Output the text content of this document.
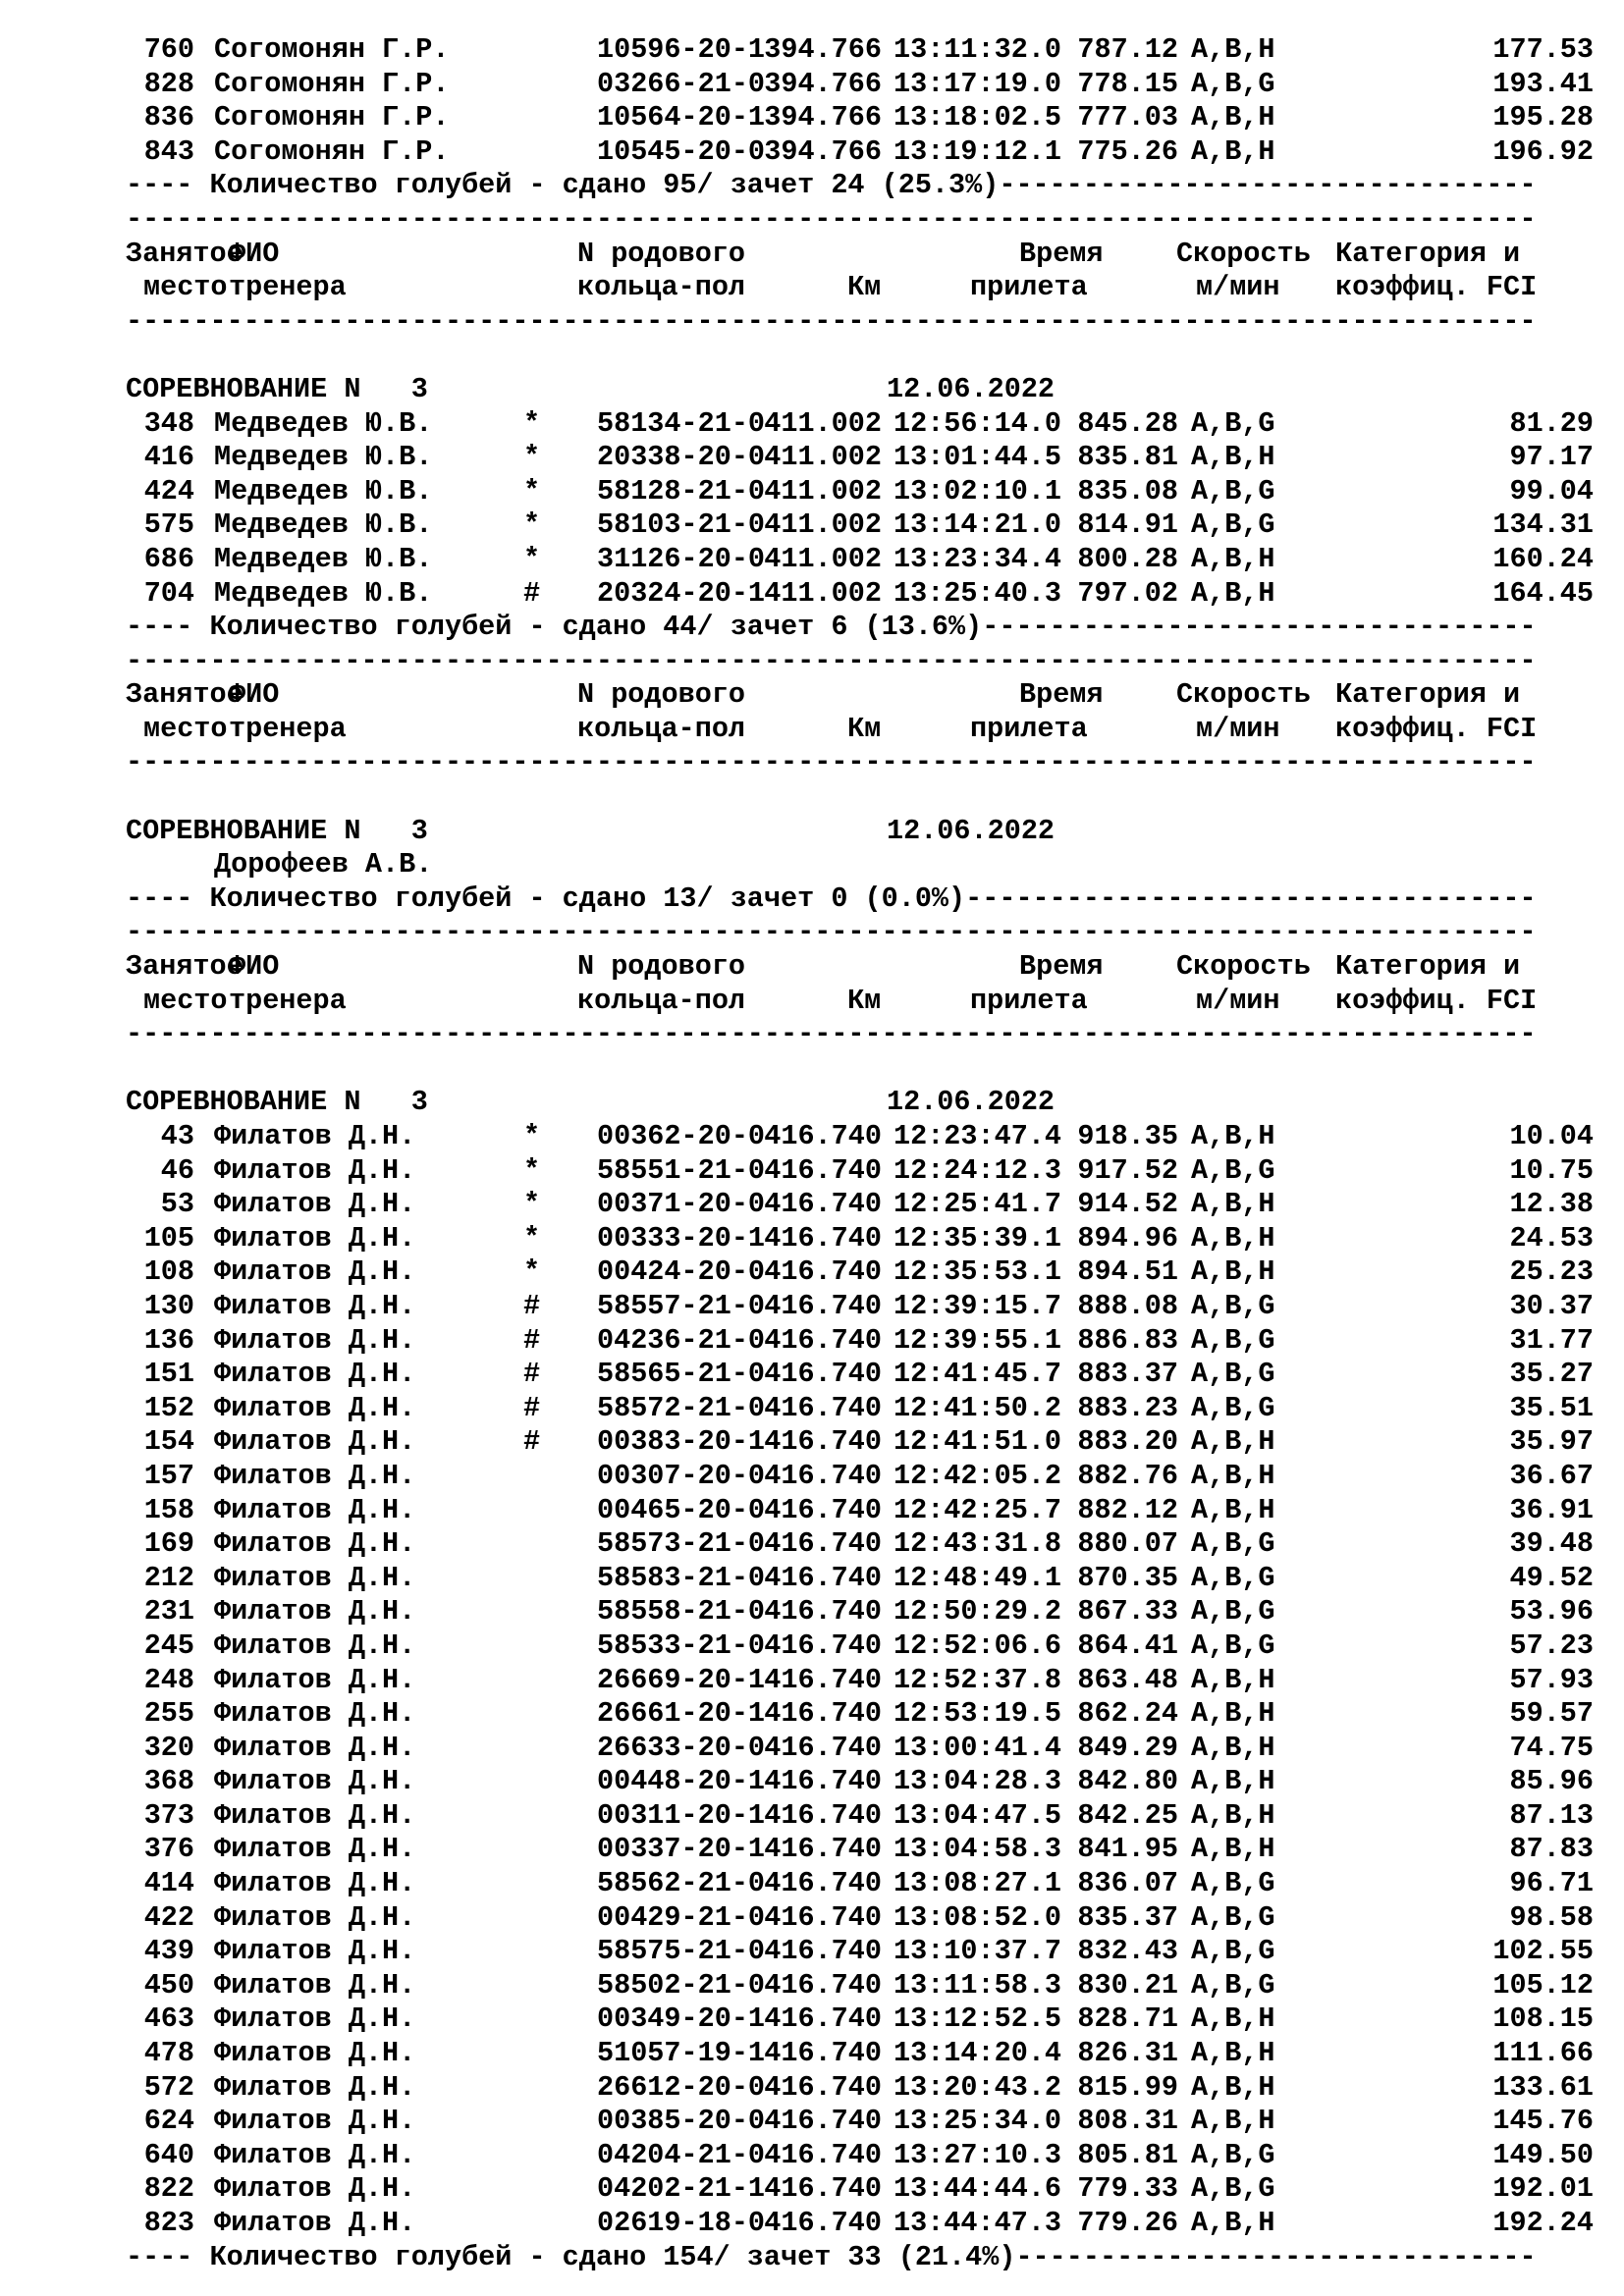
760 Согомонян Г.Р.	10596-20-1 394.766 13:11:32.0 787.12 A,B,H	177.53
828 Согомонян Г.Р.	03266-21-0 394.766 13:17:19.0 778.15 A,B,G	193.41
836 Согомонян Г.Р.	10564-20-1 394.766 13:18:02.5 777.03 A,B,H	195.28
843 Согомонян Г.Р.	10545-20-0 394.766 13:19:12.1 775.26 A,B,H	196.92
---- Количество голубей - сдано 95/ зачет 24 (25.3%)--------------------------------
------------------------------------------------------------------------------------
Занятое
ФИО	N родового	Время	Скорость Категория и
место тренера	кольца-пол	Км	прилета	м/мин коэффиц. FCI
------------------------------------------------------------------------------------
СОРЕВНОВАНИЕ N   3	12.06.2022
348 Медведев Ю.В.	* 58134-21-0 411.002 12:56:14.0 845.28 A,B,G	81.29
416 Медведев Ю.В.	* 20338-20-0 411.002 13:01:44.5 835.81 A,B,H	97.17
424 Медведев Ю.В.	* 58128-21-0 411.002 13:02:10.1 835.08 A,B,G	99.04
575 Медведев Ю.В.	* 58103-21-0 411.002 13:14:21.0 814.91 A,B,G	134.31
686 Медведев Ю.В.	* 31126-20-0 411.002 13:23:34.4 800.28 A,B,H	160.24
704 Медведев Ю.В.	# 20324-20-1 411.002 13:25:40.3 797.02 A,B,H	164.45
---- Количество голубей - сдано 44/ зачет 6 (13.6%)---------------------------------
------------------------------------------------------------------------------------
Занятое
ФИО	N родового	Время	Скорость Категория и
место тренера	кольца-пол	Км	прилета	м/мин коэффиц. FCI
------------------------------------------------------------------------------------
СОРЕВНОВАНИЕ N   3	12.06.2022
Дорофеев А.В.
---- Количество голубей - сдано 13/ зачет 0 (0.0%)----------------------------------
------------------------------------------------------------------------------------
Занятое
ФИО	N родового	Время	Скорость Категория и
место тренера	кольца-пол	Км	прилета	м/мин коэффиц. FCI
------------------------------------------------------------------------------------
СОРЕВНОВАНИЕ N   3	12.06.2022
43 Филатов Д.Н.	* 00362-20-0 416.740 12:23:47.4 918.35 A,B,H	10.04
46 Филатов Д.Н.	* 58551-21-0 416.740 12:24:12.3 917.52 A,B,G	10.75
53 Филатов Д.Н.	* 00371-20-0 416.740 12:25:41.7 914.52 A,B,H	12.38
105 Филатов Д.Н.	* 00333-20-1 416.740 12:35:39.1 894.96 A,B,H	24.53
108 Филатов Д.Н.	* 00424-20-0 416.740 12:35:53.1 894.51 A,B,H	25.23
130 Филатов Д.Н.	# 58557-21-0 416.740 12:39:15.7 888.08 A,B,G	30.37
136 Филатов Д.Н.	# 04236-21-0 416.740 12:39:55.1 886.83 A,B,G	31.77
151 Филатов Д.Н.	# 58565-21-0 416.740 12:41:45.7 883.37 A,B,G	35.27
152 Филатов Д.Н.	# 58572-21-0 416.740 12:41:50.2 883.23 A,B,G	35.51
154 Филатов Д.Н.	# 00383-20-1 416.740 12:41:51.0 883.20 A,B,H	35.97
157 Филатов Д.Н.	00307-20-0 416.740 12:42:05.2 882.76 A,B,H	36.67
158 Филатов Д.Н.	00465-20-0 416.740 12:42:25.7 882.12 A,B,H	36.91
169 Филатов Д.Н.	58573-21-0 416.740 12:43:31.8 880.07 A,B,G	39.48
212 Филатов Д.Н.	58583-21-0 416.740 12:48:49.1 870.35 A,B,G	49.52
231 Филатов Д.Н.	58558-21-0 416.740 12:50:29.2 867.33 A,B,G	53.96
245 Филатов Д.Н.	58533-21-0 416.740 12:52:06.6 864.41 A,B,G	57.23
248 Филатов Д.Н.	26669-20-1 416.740 12:52:37.8 863.48 A,B,H	57.93
255 Филатов Д.Н.	26661-20-1 416.740 12:53:19.5 862.24 A,B,H	59.57
320 Филатов Д.Н.	26633-20-0 416.740 13:00:41.4 849.29 A,B,H	74.75
368 Филатов Д.Н.	00448-20-1 416.740 13:04:28.3 842.80 A,B,H	85.96
373 Филатов Д.Н.	00311-20-1 416.740 13:04:47.5 842.25 A,B,H	87.13
376 Филатов Д.Н.	00337-20-1 416.740 13:04:58.3 841.95 A,B,H	87.83
414 Филатов Д.Н.	58562-21-0 416.740 13:08:27.1 836.07 A,B,G	96.71
422 Филатов Д.Н.	00429-21-0 416.740 13:08:52.0 835.37 A,B,G	98.58
439 Филатов Д.Н.	58575-21-0 416.740 13:10:37.7 832.43 A,B,G	102.55
450 Филатов Д.Н.	58502-21-0 416.740 13:11:58.3 830.21 A,B,G	105.12
463 Филатов Д.Н.	00349-20-1 416.740 13:12:52.5 828.71 A,B,H	108.15
478 Филатов Д.Н.	51057-19-1 416.740 13:14:20.4 826.31 A,B,H	111.66
572 Филатов Д.Н.	26612-20-0 416.740 13:20:43.2 815.99 A,B,H	133.61
624 Филатов Д.Н.	00385-20-0 416.740 13:25:34.0 808.31 A,B,H	145.76
640 Филатов Д.Н.	04204-21-0 416.740 13:27:10.3 805.81 A,B,G	149.50
822 Филатов Д.Н.	04202-21-1 416.740 13:44:44.6 779.33 A,B,G	192.01
823 Филатов Д.Н.	02619-18-0 416.740 13:44:47.3 779.26 A,B,H	192.24
---- Количество голубей - сдано 154/ зачет 33 (21.4%)-------------------------------
